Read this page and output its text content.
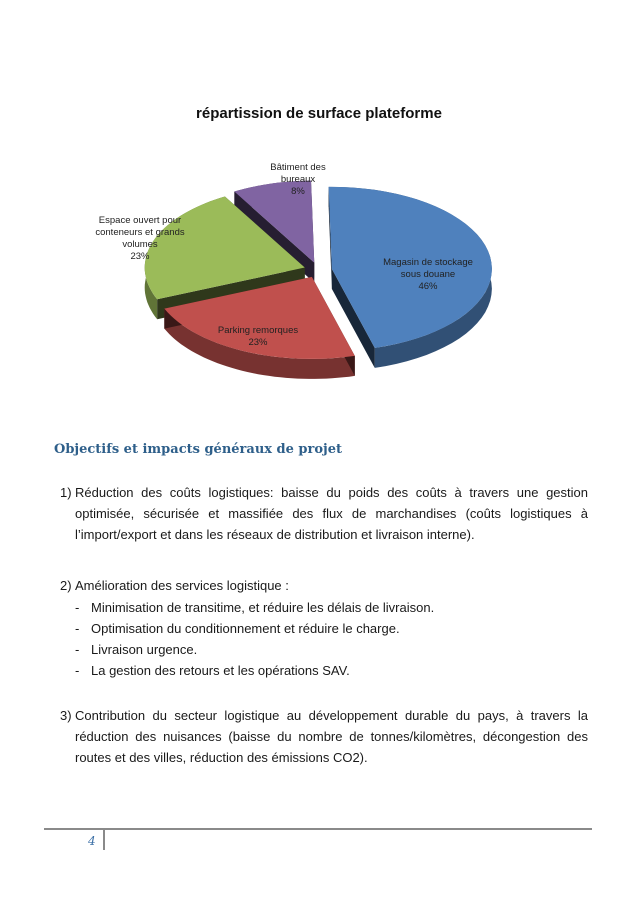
répartission de surface plateforme

Magasin de stockage
sous douane
46%

Parking remorques
23%

Espace ouvert pour
conteneurs et grands
volumes
23%

Bâtiment des
bureaux
8%

Objectifs et impacts généraux de projet
1) Réduction des coûts logistiques: baisse du poids des coûts à travers une gestion optimisée, sécurisée et massifiée des flux de marchandises (coûts logistiques à l’import/export et dans les réseaux de distribution et livraison interne).
2) Amélioration des services logistique :
- Minimisation de transitime, et réduire les délais de livraison.
- Optimisation du conditionnement et réduire le charge.
- Livraison urgence.
- La gestion des retours et les opérations SAV.
3) Contribution du secteur logistique au développement durable du pays, à travers la réduction des nuisances (baisse du nombre de tonnes/kilomètres, décongestion des routes et des villes, réduction des émissions CO2).
4
